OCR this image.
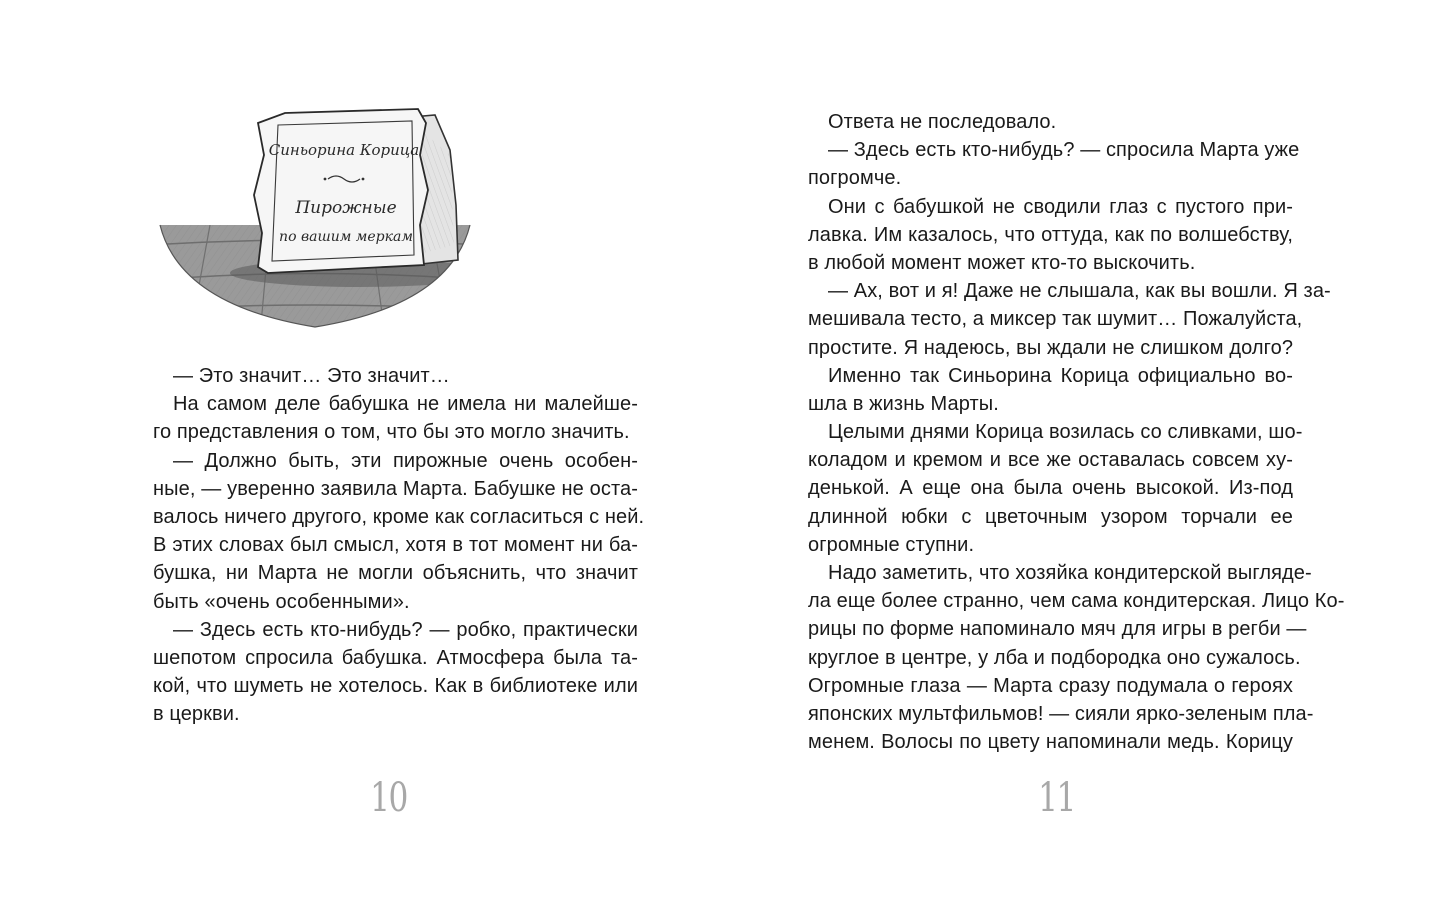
Синьорина Корица
Пирожные
по вашим меркам
— Это значит… Это значит…
На самом деле бабушка не имела ни малейше-
го представления о том, что бы это могло значить.
— Должно быть, эти пирожные очень особен-
ные, — уверенно заявила Марта. Бабушке не оста-
валось ничего другого, кроме как согласиться с ней.
В этих словах был смысл, хотя в тот момент ни ба-
бушка, ни Марта не могли объяснить, что значит
быть «очень особенными».
— Здесь есть кто-нибудь? — робко, практически
шепотом спросила бабушка. Атмосфера была та-
кой, что шуметь не хотелось. Как в библиотеке или
в церкви.
10
Ответа не последовало.
— Здесь есть кто-нибудь? — спросила Марта уже
погромче.
Они с бабушкой не сводили глаз с пустого при-
лавка. Им казалось, что оттуда, как по волшебству,
в любой момент может кто-то выскочить.
— Ах, вот и я! Даже не слышала, как вы вошли. Я за-
мешивала тесто, а миксер так шумит… Пожалуйста,
простите. Я надеюсь, вы ждали не слишком долго?
Именно так Синьорина Корица официально во-
шла в жизнь Марты.
Целыми днями Корица возилась со сливками, шо-
коладом и кремом и все же оставалась совсем ху-
денькой. А еще она была очень высокой. Из-под
длинной юбки с цветочным узором торчали ее
огромные ступни.
Надо заметить, что хозяйка кондитерской выгляде-
ла еще более странно, чем сама кондитерская. Лицо Ко-
рицы по форме напоминало мяч для игры в регби —
круглое в центре, у лба и подбородка оно сужалось.
Огромные глаза — Марта сразу подумала о героях
японских мультфильмов! — сияли ярко-зеленым пла-
менем. Волосы по цвету напоминали медь. Корицу
11
